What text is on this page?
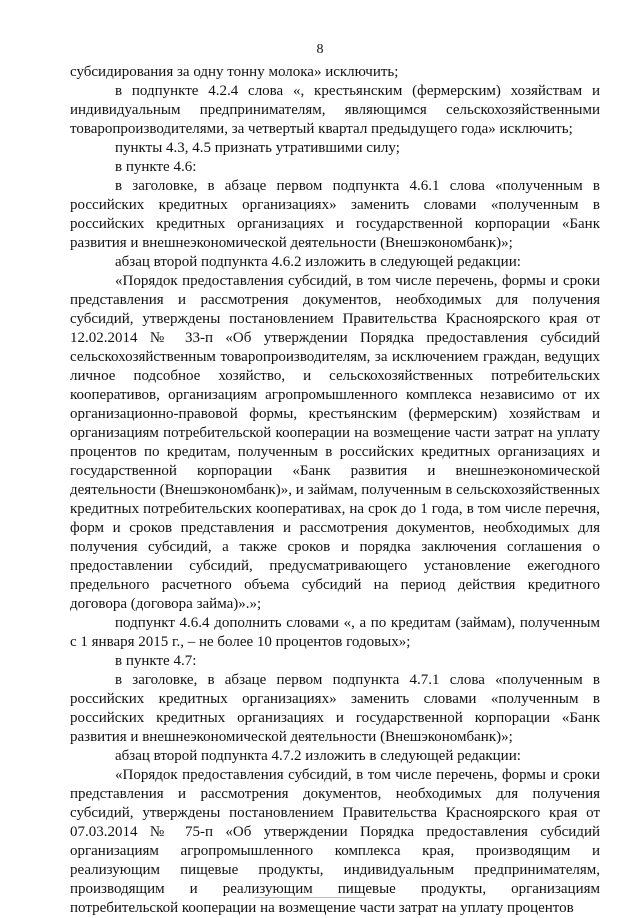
8

субсидирования за одну тонну молока» исключить;

в подпункте 4.2.4 слова «, крестьянским (фермерским) хозяйствам и индивидуальным предпринимателям, являющимся сельскохозяйственными товаропроизводителями, за четвертый квартал предыдущего года» исключить;

пункты 4.3, 4.5 признать утратившими силу;

в пункте 4.6:

в заголовке, в абзаце первом подпункта 4.6.1 слова «полученным в российских кредитных организациях» заменить словами «полученным в российских кредитных организациях и государственной корпорации «Банк развития и внешнеэкономической деятельности (Внешэкономбанк)»;

абзац второй подпункта 4.6.2 изложить в следующей редакции:

«Порядок предоставления субсидий, в том числе перечень, формы и сроки представления и рассмотрения документов, необходимых для получения субсидий, утверждены постановлением Правительства Красноярского края от 12.02.2014 № 33-п «Об утверждении Порядка предоставления субсидий сельскохозяйственным товаропроизводителям, за исключением граждан, ведущих личное подсобное хозяйство, и сельскохозяйственных потребительских кооперативов, организациям агропромышленного комплекса независимо от их организационно-правовой формы, крестьянским (фермерским) хозяйствам и организациям потребительской кооперации на возмещение части затрат на уплату процентов по кредитам, полученным в российских кредитных организациях и государственной корпорации «Банк развития и внешнеэкономической деятельности (Внешэкономбанк)», и займам, полученным в сельскохозяйственных кредитных потребительских кооперативах, на срок до 1 года, в том числе перечня, форм и сроков представления и рассмотрения документов, необходимых для получения субсидий, а также сроков и порядка заключения соглашения о предоставлении субсидий, предусматривающего установление ежегодного предельного расчетного объема субсидий на период действия кредитного договора (договора займа)».»;

подпункт 4.6.4 дополнить словами «, а по кредитам (займам), полученным с 1 января 2015 г., – не более 10 процентов годовых»;

в пункте 4.7:

в заголовке, в абзаце первом подпункта 4.7.1 слова «полученным в российских кредитных организациях» заменить словами «полученным в российских кредитных организациях и государственной корпорации «Банк развития и внешнеэкономической деятельности (Внешэкономбанк)»;

абзац второй подпункта 4.7.2 изложить в следующей редакции:

«Порядок предоставления субсидий, в том числе перечень, формы и сроки представления и рассмотрения документов, необходимых для получения субсидий, утверждены постановлением Правительства Красноярского края от 07.03.2014 № 75-п «Об утверждении Порядка предоставления субсидий организациям агропромышленного комплекса края, производящим и реализующим пищевые продукты, индивидуальным предпринимателям, производящим и реализующим пищевые продукты, организациям потребительской кооперации на возмещение части затрат на уплату процентов
